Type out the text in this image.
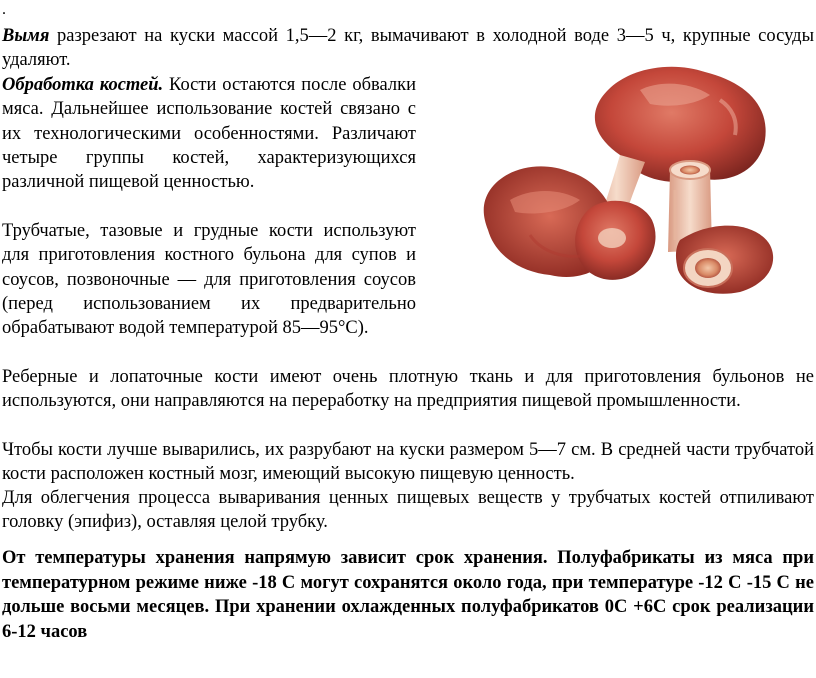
.

Вымя разрезают на куски массой 1,5—2 кг, вымачивают в холодной воде 3—5 ч, крупные сосуды удаляют.

Обработка костей. Кости остаются после обвалки мяса. Дальнейшее использование костей связано с их технологическими особенностями. Различают четыре группы костей, характеризующихся различной пищевой ценностью.

Трубчатые, тазовые и грудные кости используют для приготовления костного бульона для супов и соусов, позвоночные — для приготовления соусов (перед использованием их предварительно обрабатывают водой температурой 85—95°С).

Реберные и лопаточные кости имеют очень плотную ткань и для приготовления бульонов не используются, они направляются на переработку на предприятия пищевой промышленности.

Чтобы кости лучше выварились, их разрубают на куски размером 5—7 см. В средней части трубчатой кости расположен костный мозг, имеющий высокую пищевую ценность.

Для облегчения процесса вываривания ценных пищевых веществ у трубчатых костей отпиливают головку (эпифиз), оставляя целой трубку.

От температуры хранения напрямую зависит срок хранения. Полуфабрикаты из мяса при температурном режиме ниже -18 С могут сохранятся около года, при температуре -12 С -15 С не дольше восьми месяцев. При хранении охлажденных полуфабрикатов 0С +6С срок реализации 6-12 часов
